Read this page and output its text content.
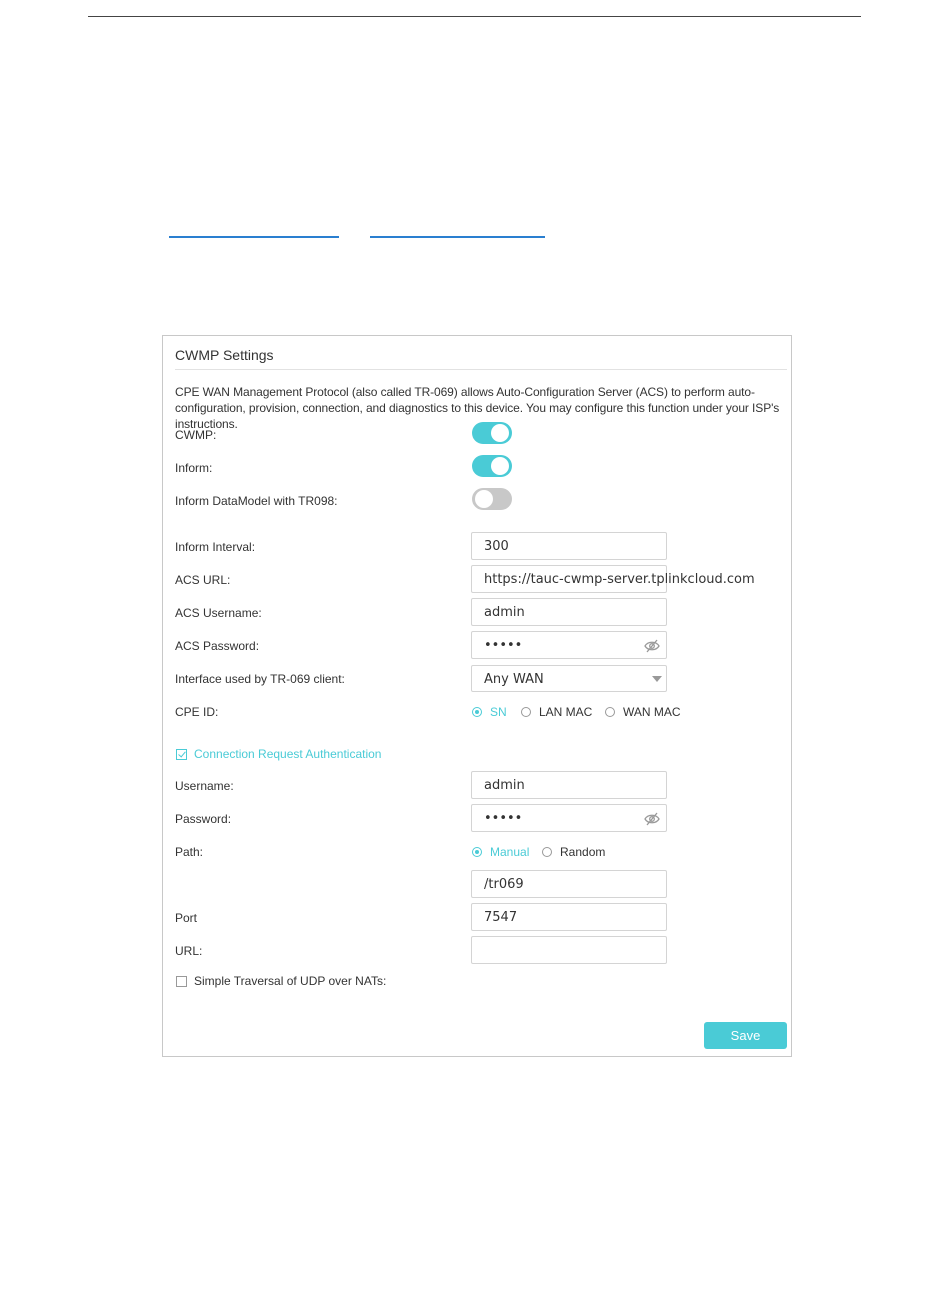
CWMP Settings
CPE WAN Management Protocol (also called TR-069) allows Auto-Configuration Server (ACS) to perform auto-configuration, provision, connection, and diagnostics to this device. You may configure this function under your ISP's instructions.
CWMP:
Inform:
Inform DataModel with TR098:
Inform Interval:	300
ACS URL:	https://tauc-cwmp-server.tplinkcloud.com
ACS Username:	admin
ACS Password:	•••••
Interface used by TR-069 client:	Any WAN
CPE ID:	SN	LAN MAC	WAN MAC
Connection Request Authentication
Username:	admin
Password:	•••••
Path:	Manual	Random
/tr069
Port	7547
URL:
Simple Traversal of UDP over NATs:
Save
